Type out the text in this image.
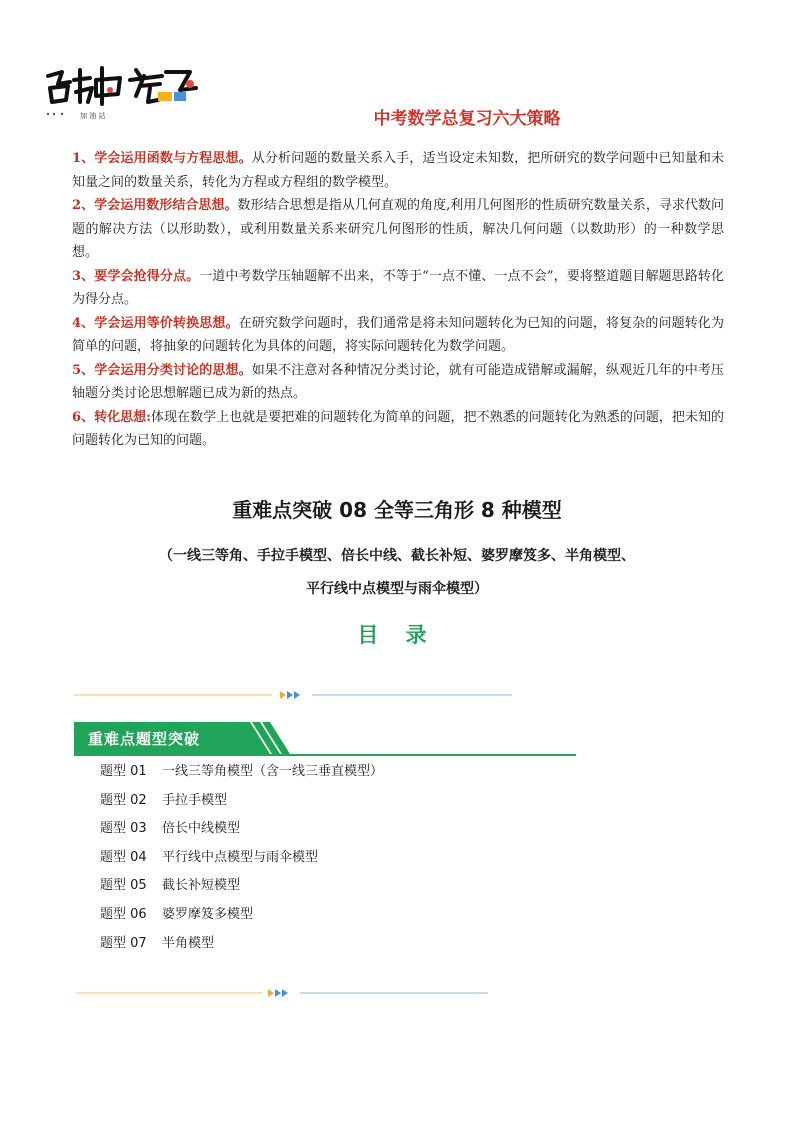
加 油 站	中考数学总复习六大策略

1、学会运用函数与方程思想。从分析问题的数量关系入手，适当设定未知数，把所研究的数学问题中已知量和未知量之间的数量关系，转化为方程或方程组的数学模型。

2、学会运用数形结合思想。数形结合思想是指从几何直观的角度,利用几何图形的性质研究数量关系，寻求代数问题的解决方法（以形助数），或利用数量关系来研究几何图形的性质，解决几何问题（以数助形）的一种数学思想。

3、要学会抢得分点。一道中考数学压轴题解不出来，不等于“一点不懂、一点不会”，要将整道题目解题思路转化为得分点。

4、学会运用等价转换思想。在研究数学问题时，我们通常是将未知问题转化为已知的问题，将复杂的问题转化为简单的问题，将抽象的问题转化为具体的问题，将实际问题转化为数学问题。

5、学会运用分类讨论的思想。如果不注意对各种情况分类讨论，就有可能造成错解或漏解，纵观近几年的中考压轴题分类讨论思想解题已成为新的热点。

6、转化思想:体现在数学上也就是要把难的问题转化为简单的问题，把不熟悉的问题转化为熟悉的问题，把未知的问题转化为已知的问题。

重难点突破 08 全等三角形 8 种模型
（一线三等角、手拉手模型、倍长中线、截长补短、婆罗摩笈多、半角模型、
平行线中点模型与雨伞模型）
目 录
重难点题型突破
题型 01 一线三等角模型（含一线三垂直模型）
题型 02 手拉手模型
题型 03 倍长中线模型
题型 04 平行线中点模型与雨伞模型
题型 05 截长补短模型
题型 06 婆罗摩笈多模型
题型 07 半角模型
